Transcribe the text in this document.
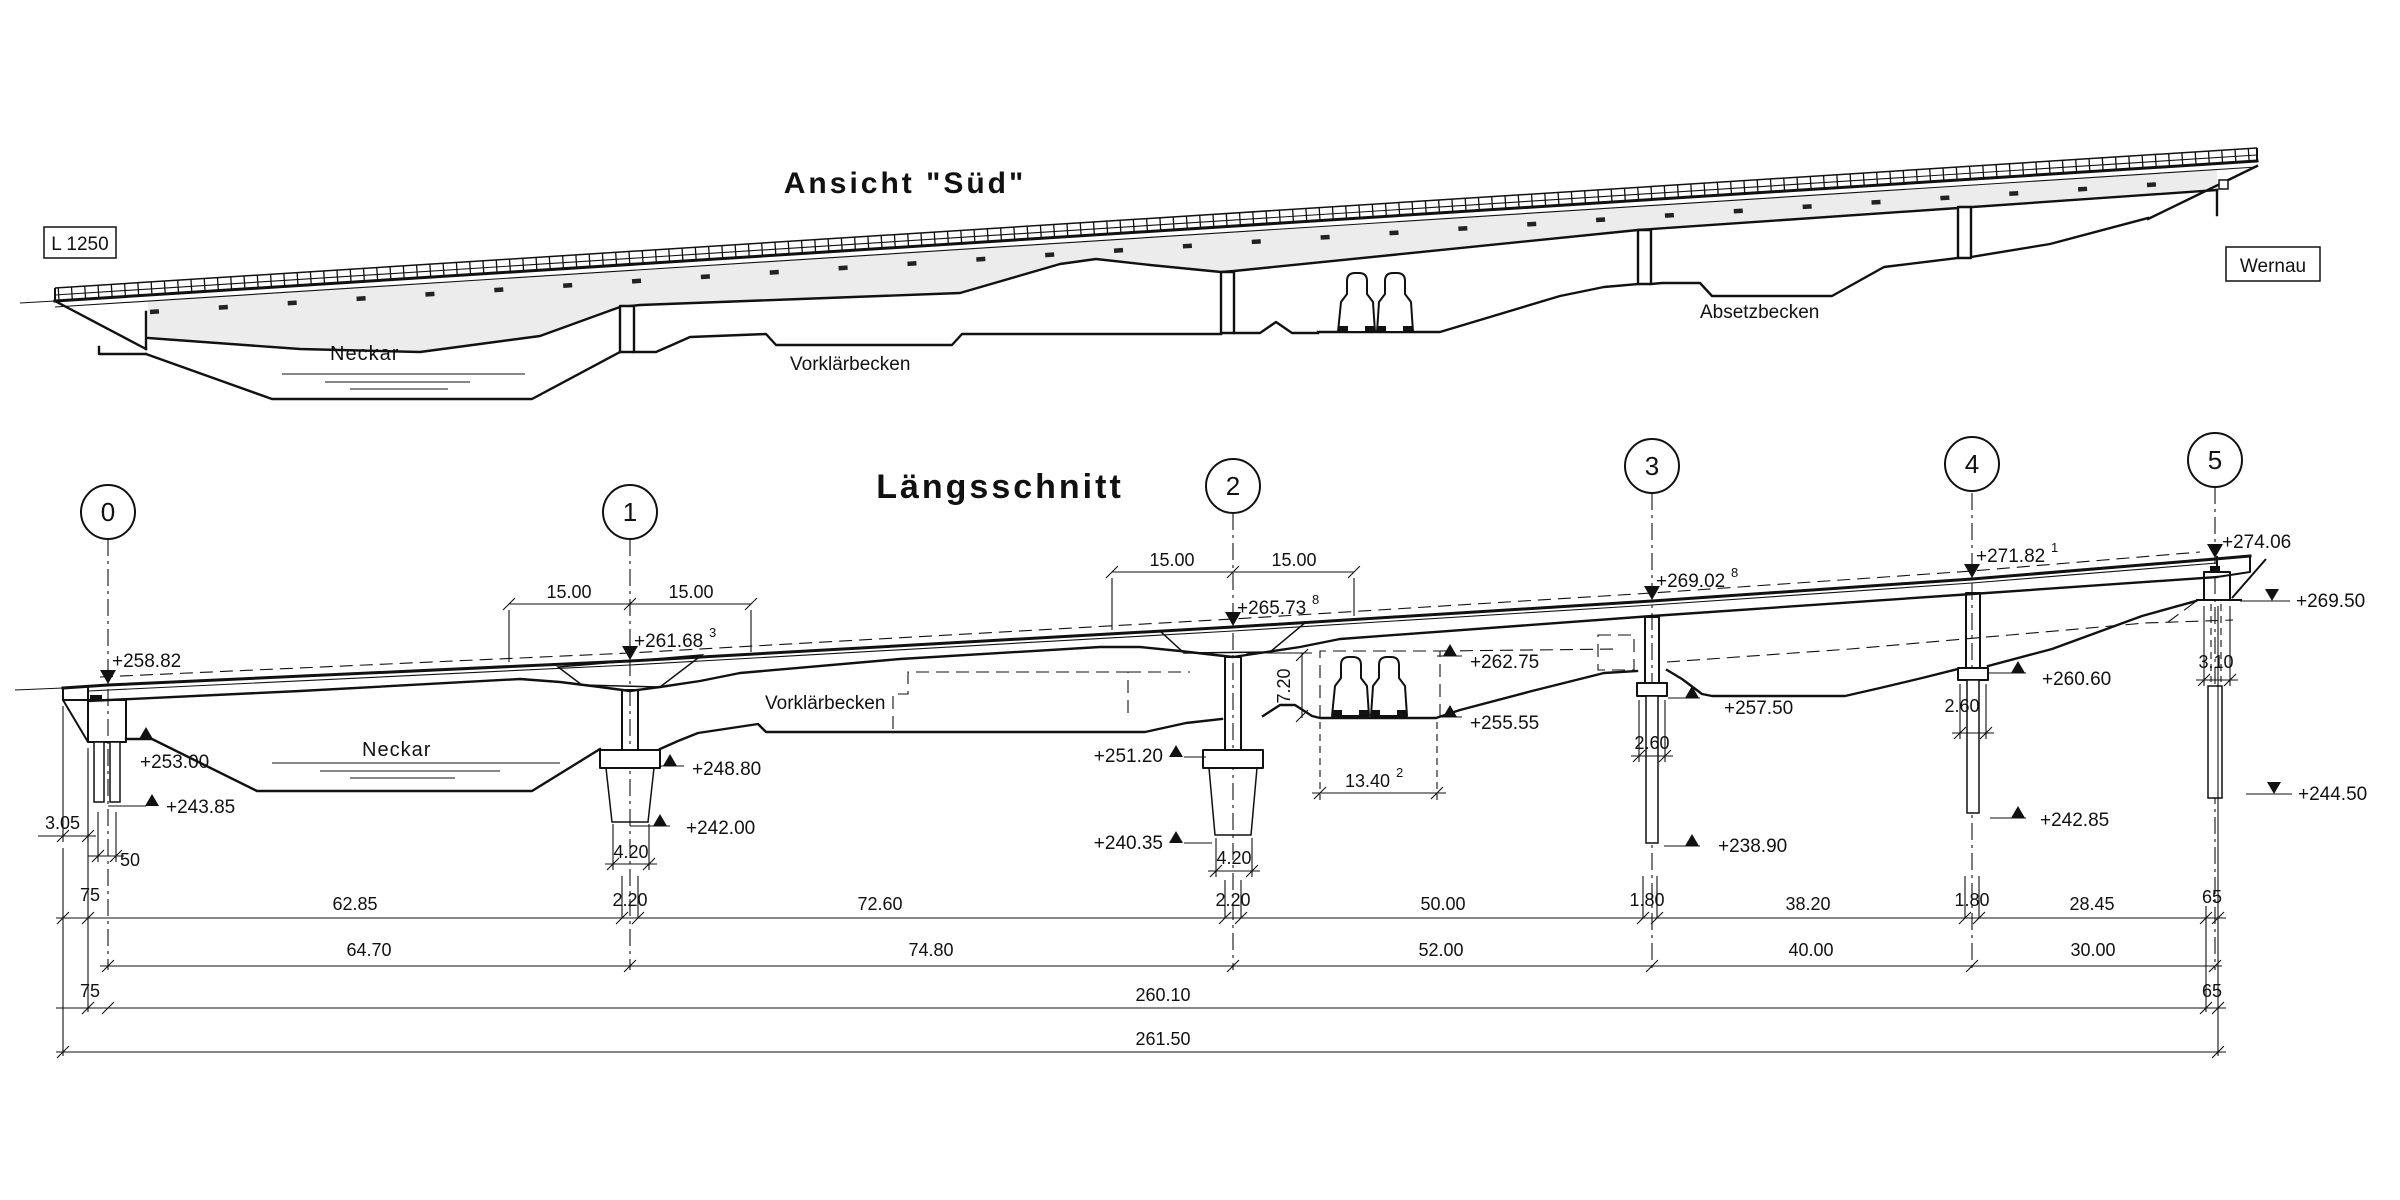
Ansicht "Süd"
Neckar	Vorklärbecken
Absetzbecken
L 1250
Wernau
Längsschnitt
0	1
2
3	4	5
Neckar
Vorklärbecken
+258.82
+261.68 3
+265.73 8
+269.02 8
+271.82 1	+274.06
+253.00
+243.85
+248.80
+242.00
+251.20
+240.35
+262.75
+255.55
+257.50
+238.90
+260.60
+242.85
+269.50
+244.50
15.00	15.00
15.00	15.00
7.20
13.40 2
3.05
50	4.20	4.20
2.60
2.60
3.10
75	62.85	2.20	72.60	2.20	50.00	1.80	38.20	1.80	28.45	65
64.70	74.80	52.00	40.00	30.00
75	260.10	65
261.50
